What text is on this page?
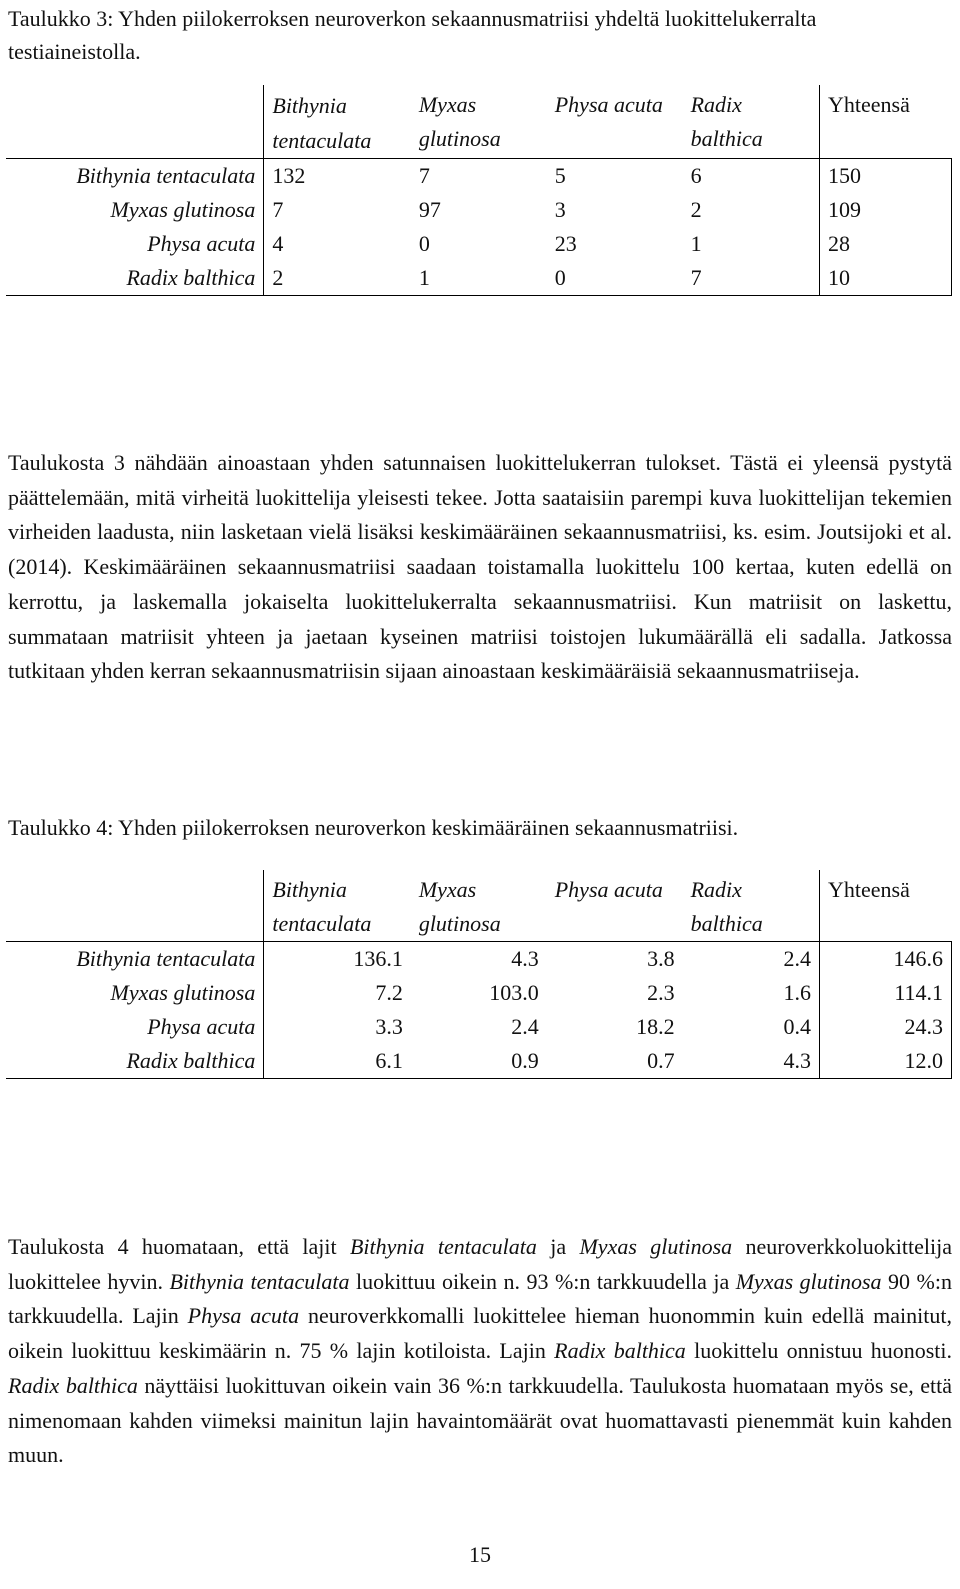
Taulukko 3: Yhden piilokerroksen neuroverkon sekaannusmatriisi yhdeltä luokittelukerralta testiaineistolla.
	Bithynia tentaculata	Myxas glutinosa	Physa acuta	Radix balthica	Yhteensä
Bithynia tentaculata	132	7	5	6	150
Myxas glutinosa	7	97	3	2	109
Physa acuta	4	0	23	1	28
Radix balthica	2	1	0	7	10
Taulukosta 3 nähdään ainoastaan yhden satunnaisen luokittelukerran tulokset. Tästä ei yleensä pystytä päättelemään, mitä virheitä luokittelija yleisesti tekee. Jotta saataisiin parempi kuva luokittelijan tekemien virheiden laadusta, niin lasketaan vielä lisäksi keskimääräinen sekaannusmatriisi, ks. esim. Joutsijoki et al. (2014). Keskimääräinen sekaannusmatriisi saadaan toistamalla luokittelu 100 kertaa, kuten edellä on kerrottu, ja laskemalla jokaiselta luokittelukerralta sekaannusmatriisi. Kun matriisit on laskettu, summataan matriisit yhteen ja jaetaan kyseinen matriisi toistojen lukumäärällä eli sadalla. Jatkossa tutkitaan yhden kerran sekaannusmatriisin sijaan ainoastaan keskimääräisiä sekaannusmatriiseja.
Taulukko 4: Yhden piilokerroksen neuroverkon keskimääräinen sekaannusmatriisi.
	Bithynia tentaculata	Myxas glutinosa	Physa acuta	Radix balthica	Yhteensä
Bithynia tentaculata	136.1	4.3	3.8	2.4	146.6
Myxas glutinosa	7.2	103.0	2.3	1.6	114.1
Physa acuta	3.3	2.4	18.2	0.4	24.3
Radix balthica	6.1	0.9	0.7	4.3	12.0
Taulukosta 4 huomataan, että lajit Bithynia tentaculata ja Myxas glutinosa neuroverkkoluokittelija luokittelee hyvin. Bithynia tentaculata luokittuu oikein n. 93 %:n tarkkuudella ja Myxas glutinosa 90 %:n tarkkuudella. Lajin Physa acuta neuroverkkomalli luokittelee hieman huonommin kuin edellä mainitut, oikein luokittuu keskimäärin n. 75 % lajin kotiloista. Lajin Radix balthica luokittelu onnistuu huonosti. Radix balthica näyttäisi luokittuvan oikein vain 36 %:n tarkkuudella. Taulukosta huomataan myös se, että nimenomaan kahden viimeksi mainitun lajin havaintomäärät ovat huomattavasti pienemmät kuin kahden muun.
15
